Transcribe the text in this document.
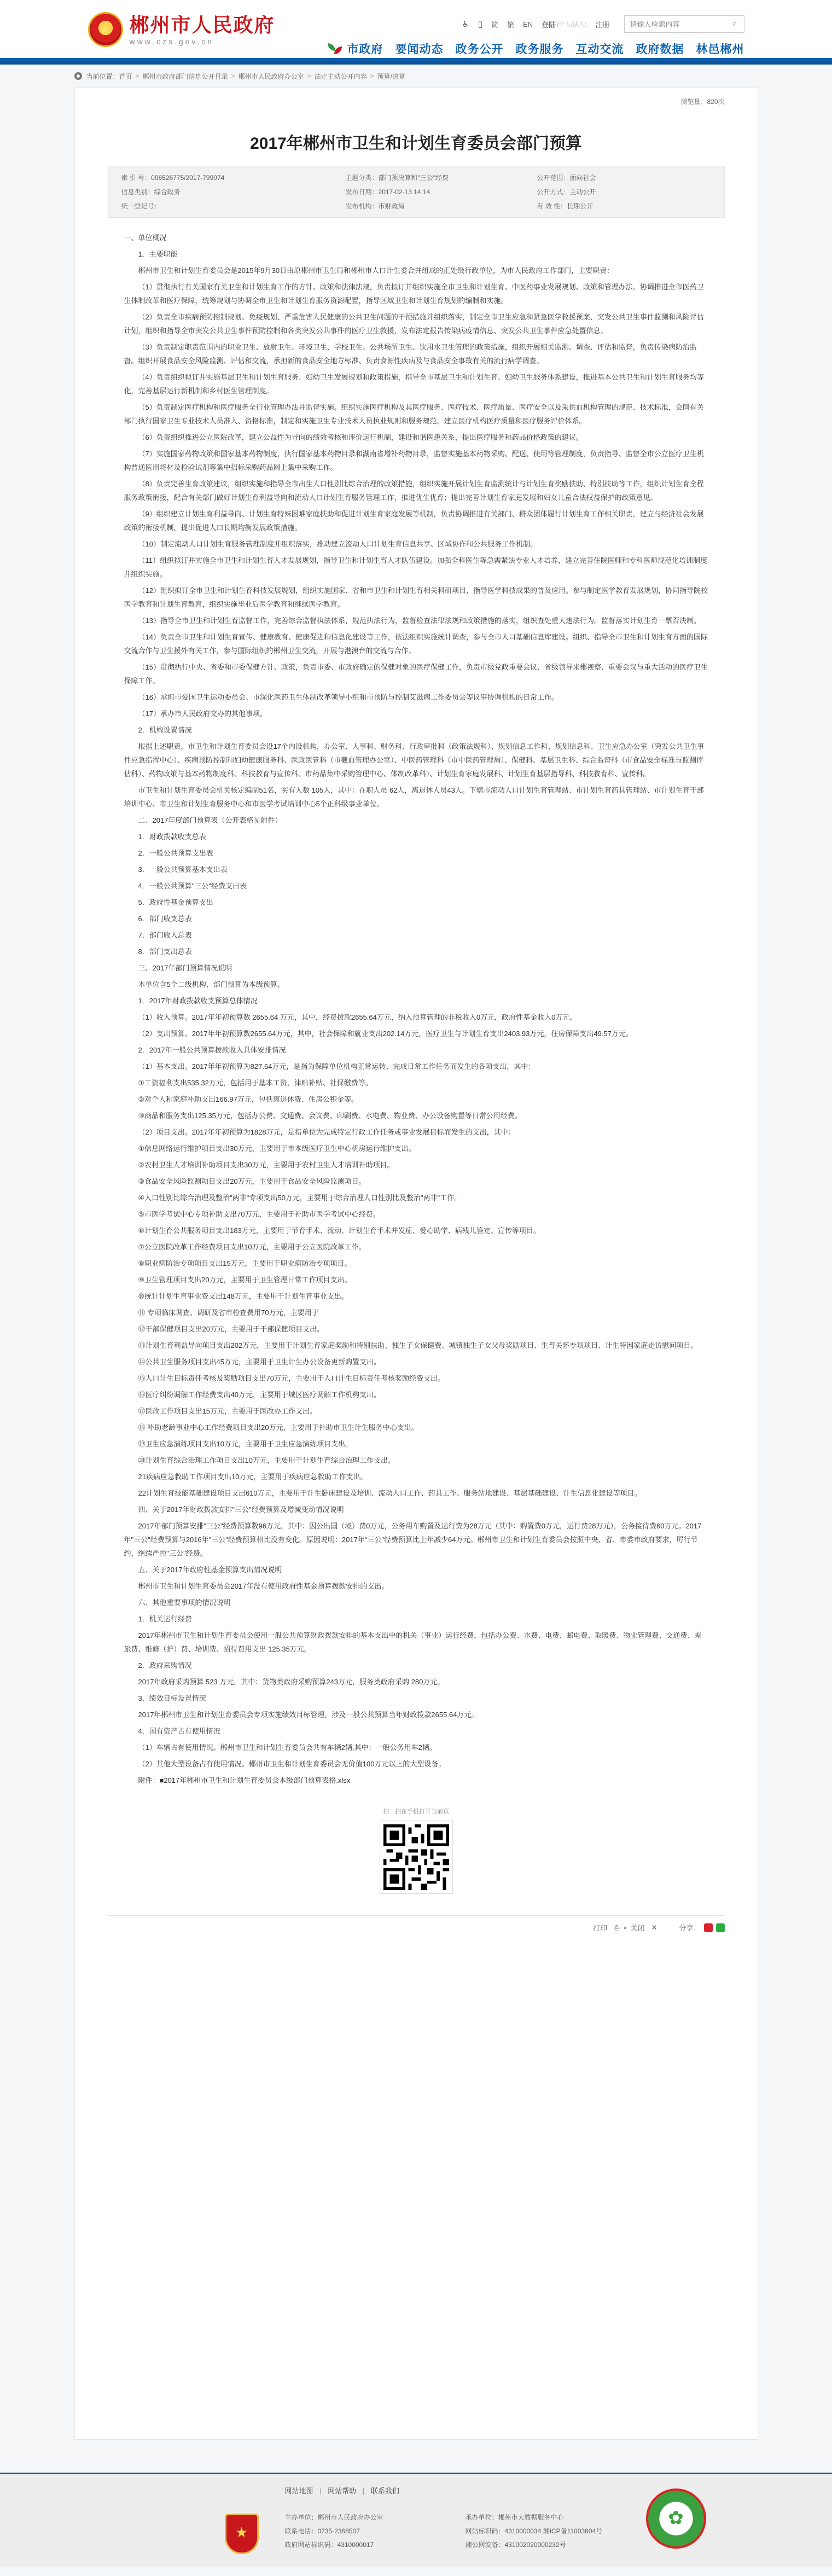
★
郴州市人民政府
www.czs.gov.cn
♿ ▯ 简 繁 EN 登陆 (个人/法人) 注册
请输入检索内容	⌕
市政府 要闻动态 政务公开 政务服务 互动交流 政府数据 林邑郴州
当前位置： 首页 > 郴州市政府部门信息公开目录 > 郴州市人民政府办公室 > 法定主动公开内容 > 预算/决算
浏览量：820次
2017年郴州市卫生和计划生育委员会部门预算
索 引 号：006526775/2017-799074	主题分类：部门预决算和"三公"经费	公开范围：面向社会
信息类别：综合政务	发布日期：2017-02-13 14:14	公开方式：主动公开
统一登记号：	发布机构：市财政局	有 效 性：长期公开

一、单位概况

1．主要职能

郴州市卫生和计划生育委员会是2015年9月30日由原郴州市卫生局和郴州市人口计生委合并组成的正处级行政单位，为市人民政府工作部门，主要职责：

（1）贯彻执行有关国家有关卫生和计划生育工作的方针、政策和法律法规，负责拟订并组织实施全市卫生和计划生育、中医药事业发展规划、政策和管理办法。协调推进全市医药卫生体制改革和医疗保障，统筹规划与协调全市卫生和计划生育服务资源配置，指导区域卫生和计划生育规划的编制和实施。

（2）负责全市疾病预防控制规划、免疫规划、严重危害人民健康的公共卫生问题的干预措施并组织落实，制定全市卫生应急和紧急医学救援预案、突发公共卫生事件监测和风险评估计划，组织和指导全市突发公共卫生事件预防控制和各类突发公共事件的医疗卫生救援，发布法定报告传染病疫情信息、突发公共卫生事件应急处置信息。

（3）负责制定职责范围内的职业卫生、放射卫生、环境卫生、学校卫生、公共场所卫生、饮用水卫生管理的政策措施，组织开展相关监测、调查、评估和监督，负责传染病防治监督。组织开展食品安全风险监测、评估和交流，承担新的食品安全地方标准、负责食源性疾病及与食品安全事故有关的流行病学调查。

（4）负责组织拟订并实施基层卫生和计划生育服务、妇幼卫生发展规划和政策措施，指导全市基层卫生和计划生育、妇幼卫生服务体系建设，推进基本公共卫生和计划生育服务均等化，完善基层运行新机制和乡村医生管理制度。

（5）负责制定医疗机构和医疗服务全行业管理办法并监督实施。组织实施医疗机构及其医疗服务、医疗技术、医疗质量、医疗安全以及采供血机构管理的规范、技术标准，会同有关部门执行国家卫生专业技术人员准入、资格标准，制定和实施卫生专业技术人员执业规则和服务规范，建立医疗机构医疗质量和医疗服务评价体系。

（6）负责组织推进公立医院改革，建立公益性为导向的绩效考核和评价运行机制，建设和谐医患关系，提出医疗服务和药品价格政策的建议。

（7）实施国家药物政策和国家基本药物制度，执行国家基本药物目录和湖南省增补药物目录，监督实施基本药物采购、配送、使用等管理制度，负责指导、监督全市公立医疗卫生机构普通医用耗材及检验试剂等集中招标采购药品网上集中采购工作。

（8）负责完善生育政策建议，组织实施和指导全市出生人口性别比综合治理的政策措施，组织实施开展计划生育监测统计与计划生育奖励扶助、特别扶助等工作，组织计划生育全程服务政策衔接，配合有关部门做好计划生育利益导向和流动人口计划生育服务管理工作，推进优生优育；提出完善计划生育家庭发展和妇女儿童合法权益保护的政策意见。

（9）组织建立计划生育利益导向、计划生育特殊困难家庭扶助和促进计划生育家庭发展等机制，负责协调推进有关部门、群众团体履行计划生育工作相关职责，建立与经济社会发展政策的衔接机制，提出促进人口长期均衡发展政策措施。

（10）制定流动人口计划生育服务管理制度并组织落实，推动建立流动人口计划生育信息共享、区域协作和公共服务工作机制。

（11）组织拟订并实施全市卫生和计划生育人才发展规划，指导卫生和计划生育人才队伍建设。加强全科医生等急需紧缺专业人才培养，建立完善住院医师和专科医师规范化培训制度并组织实施。

（12）组织拟订全市卫生和计划生育科技发展规划，组织实施国家、省和市卫生和计划生育相关科研项目，指导医学科技成果的普及应用。参与制定医学教育发展规划，协同指导院校医学教育和计划生育教育，组织实施毕业后医学教育和继续医学教育。

（13）指导全市卫生和计划生育监督工作，完善综合监督执法体系，规范执法行为，监督检查法律法规和政策措施的落实，组织查处重大违法行为。监督落实计划生育一票否决制。

（14）负责全市卫生和计划生育宣传、健康教育、健康促进和信息化建设等工作，依法组织实施统计调查，参与全市人口基础信息库建设。组织、指导全市卫生和计划生育方面的国际交流合作与卫生援外有关工作，参与国际组织的郴州卫生交流，开展与港澳台的交流与合作。

（15）贯彻执行中央、省委和市委保健方针、政策，负责市委、市政府确定的保健对象的医疗保健工作，负责市级党政重要会议、省级领导来郴视察、重要会议与重大活动的医疗卫生保障工作。

（16）承担市爱国卫生运动委员会、市深化医药卫生体制改革领导小组和市预防与控制艾滋病工作委员会等议事协调机构的日常工作。

（17）承办市人民政府交办的其他事项。

2．机构设置情况

根据上述职责，市卫生和计划生育委员会设17个内设机构，办公室、人事科、财务科、行政审批科（政策法规科）、规划信息工作科、规划信息科、卫生应急办公室（突发公共卫生事件应急指挥中心）、疾病预防控制和妇幼健康服务科、医政医管科（市截血管理办公室）、中医药管理科（市中医药管理局）、保健科、基层卫生科、综合监督科（市食品安全标准与监测评估科）、药物政策与基本药物制度科、科技教育与宣传科、市药品集中采购管理中心、体制改革科）、计划生育家庭发展科、计划生育基层指导科、科技教育科、宣传科。

市卫生和计划生育委员会机关核定编制51名，实有人数 105人，其中：在职人员 62人，离退休人员43人。下辖市流动人口计划生育管理站、市计划生育药具管理站、市计划生育干部培训中心、市卫生和计划生育服务中心和市医学考试培训中心5个正科级事业单位。

二、2017年度部门预算表（公开表格见附件）

1．财政拨款收支总表

2．一般公共预算支出表

3．一般公共预算基本支出表

4．一般公共预算"三公"经费支出表

5．政府性基金预算支出

6．部门收支总表

7．部门收入总表

8．部门支出总表

三、2017年部门预算情况说明

本单位含5个二级机构，部门预算为本级预算。

1．2017年财政拨款收支预算总体情况

（1）收入预算。2017年年初预算数 2655.64 万元，其中，经费拨款2655.64万元，纳入预算管理的非税收入0万元，政府性基金收入0万元。

（2）支出预算。2017年年初预算数2655.64万元，其中，社会保障和就业支出202.14万元，医疗卫生与计划生育支出2403.93万元，住房保障支出49.57万元。

2．2017年一般公共预算拨款收入具体安排情况

（1）基本支出。2017年年初预算为827.64万元，是指为保障单位机构正常运转、完成日常工作任务而发生的各项支出，其中：

①工资福利支出535.32万元，包括用于基本工资、津贴补贴、社保缴费等。

②对个人和家庭补助支出166.97万元，包括离退休费、住房公积金等。

③商品和服务支出125.35万元，包括办公费、交通费、会议费、印刷费、水电费、物业费、办公设备购置等日常公用经费。

（2）项目支出。2017年年初预算为1828万元，是指单位为完成特定行政工作任务或事业发展目标而发生的支出，其中：

①信息网络运行维护项目支出30万元，主要用于市本级医疗卫生中心机房运行维护支出。

②农村卫生人才培训补助项目支出30万元，主要用于农村卫生人才培训补助项目。

③食品安全风险监测项目支出20万元，主要用于食品安全风险监测项目。

④人口性别比综合治理及整治"两非"专项支出50万元，主要用于综合治理人口性别比及整治"两非"工作。

⑤市医学考试中心专项补助支出70万元，主要用于补助市医学考试中心经费。

⑥计划生育公共服务项目支出183万元，主要用于节育手术、流动、计划生育手术并发症、爱心助学、病残儿鉴定、宣传等项目。

⑦公立医院改革工作经费项目支出10万元，主要用于公立医院改革工作。

⑧职业病防治专项项目支出15万元，主要用于职业病防治专项项目。

⑨卫生管理项目支出20万元，主要用于卫生管理日常工作项目支出。

⑩统计计划生育事业费支出148万元，主要用于计划生育事业支出。

⑪ 专项临床调查、调研及省市检查费用70万元，主要用于

⑫干部保健项目支出20万元，主要用于干部保健项目支出。

⑬计划生育利益导向项目支出202万元，主要用于计划生育家庭奖励和特别扶助、独生子女保健费、城镇独生子女父母奖励项目、生育关怀专项项目、计生特困家庭走访慰问项目。

⑭公共卫生服务项目支出45万元，主要用于卫生计生办公设备更新购置支出。

⑮人口计生目标责任考核及奖励项目支出70万元，主要用于人口计生目标责任考核奖励经费支出。

⑯医疗纠纷调解工作经费支出40万元，主要用于城区医疗调解工作机构支出。

⑰医改工作项目支出15万元，主要用于医改办工作支出。

⑱ 补助老龄事业中心工作经费项目支出20万元，主要用于补助市卫生计生服务中心支出。

⑲卫生应急演练项目支出10万元，主要用于卫生应急演练项目支出。

⑳计划生育综合治理工作项目支出10万元，主要用于计划生育综合治理工作支出。

21疾病应急救助工作项目支出10万元，主要用于疾病应急救助工作支出。

22计划生育技能基础建设项目支出610万元，主要用于计生卧床建设及培训、流动人口工作、药具工作、服务站地建设、基层基础建设、计生信息化建设等项目。

四、关于2017年财政拨款安排"三公"经费预算及增减变动情况说明

2017年部门预算安排"三公"经费预算数96万元，其中：因公出国（境）费0万元，公务用车购置及运行费为28万元（其中：购置费0万元，运行费28万元），公务接待费60万元。2017年"三公"经费预算与2016年"三公"经费预算相比没有变化。原因说明：2017年"三公"经费预算比上年减少64万元。郴州市卫生和计划生育委员会按照中央、省、市委市政府要求，厉行节约，继续严控"三公"经费。

五、关于2017年政府性基金预算支出情况说明

郴州市卫生和计划生育委员会2017年没有使用政府性基金预算拨款安排的支出。

六、其他重要事项的情况说明

1．机关运行经费

2017年郴州市卫生和计划生育委员会使用一般公共预算财政拨款安排的基本支出中的机关（事业）运行经费，包括办公费、水费、电费、邮电费、取暖费、物业管理费、交通费、差旅费、维修（护）费、培训费、招待费用支出 125.35万元。

2．政府采购情况

2017年政府采购预算 523 万元，其中：货物类政府采购预算243万元，服务类政府采购 280万元。

3．绩效目标设置情况

2017年郴州市卫生和计划生育委员会专项实施绩效目标管理，涉及一般公共预算当年财政拨款2655.64万元。

4．国有资产占有使用情况

（1）车辆占有使用情况。郴州市卫生和计划生育委员会共有车辆2辆,其中：一般公务用车2辆。

（2）其他大型设备占有使用情况。郴州市卫生和计划生育委员会无价值100万元以上的大型设备。

附件：■2017年郴州市卫生和计划生育委员会本级部门预算表格.xlsx

扫一扫在手机打开当前页
打印 ⎙ 关闭 ✕	分享：
网站地图 | 网站帮助 | 联系我们
★
主办单位：郴州市人民政府办公室	承办单位：郴州市大数据服务中心
联系电话：0735-2368507	网站标识码：4310000034 湘ICP备11003604号
政府网站标识码：4310000017	湘公网安备：431002020000232号
✿
